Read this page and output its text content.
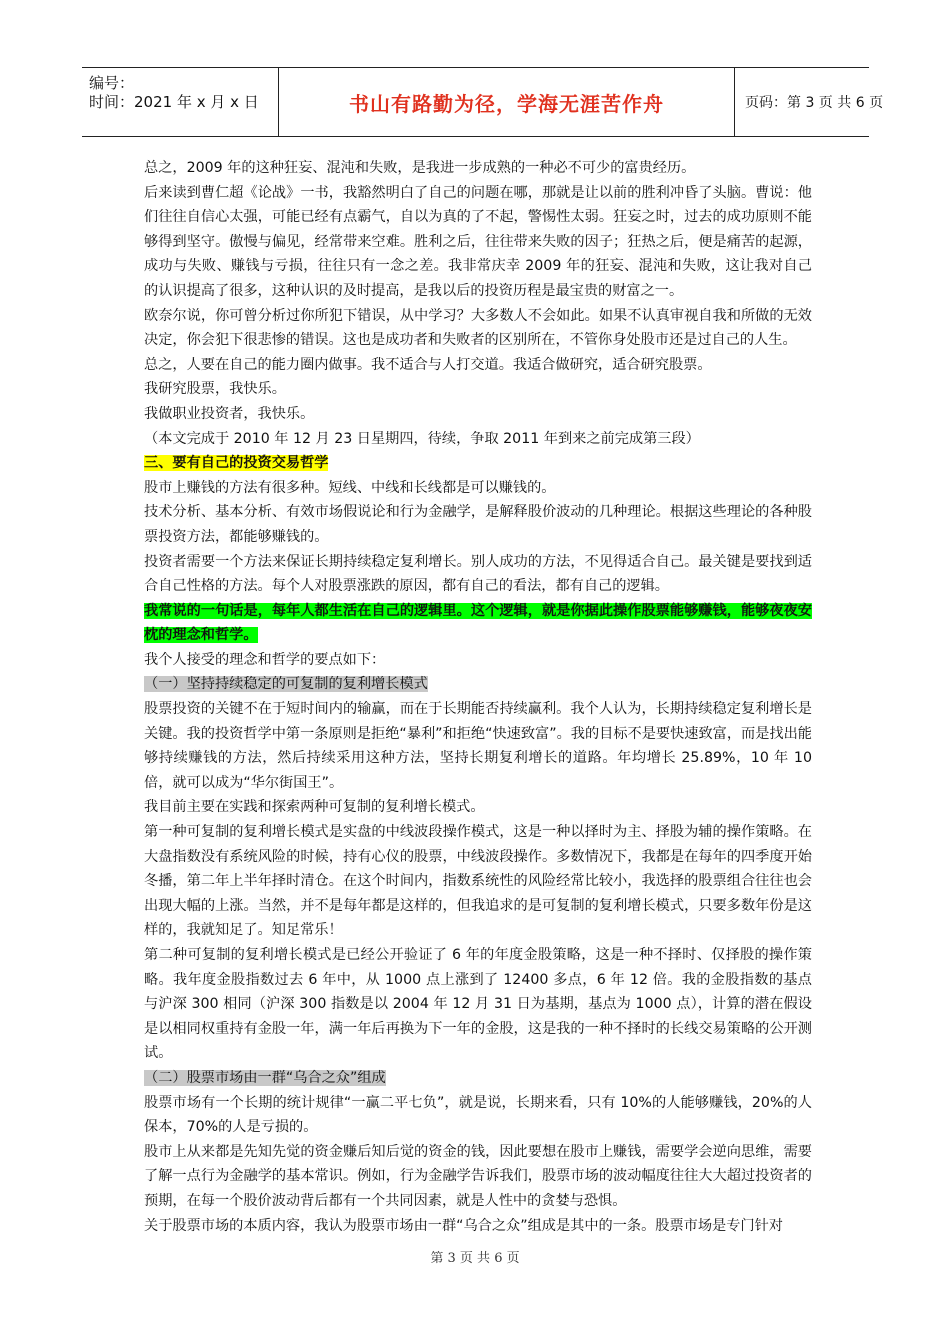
编号：
时间：2021 年 x 月 x 日	书山有路勤为径，学海无涯苦作舟	页码：第 3 页 共 6 页

总之，2009 年的这种狂妄、混沌和失败，是我进一步成熟的一种必不可少的富贵经历。

后来读到曹仁超《论战》一书，我豁然明白了自己的问题在哪，那就是让以前的胜利冲昏了头脑。曹说：他们往往自信心太强，可能已经有点霸气，自以为真的了不起，警惕性太弱。狂妄之时，过去的成功原则不能够得到坚守。傲慢与偏见，经常带来空难。胜利之后，往往带来失败的因子；狂热之后，便是痛苦的起源，成功与失败、赚钱与亏损，往往只有一念之差。我非常庆幸 2009 年的狂妄、混沌和失败，这让我对自己的认识提高了很多，这种认识的及时提高，是我以后的投资历程是最宝贵的财富之一。

欧奈尔说，你可曾分析过你所犯下错误，从中学习？大多数人不会如此。如果不认真审视自我和所做的无效决定，你会犯下很悲惨的错误。这也是成功者和失败者的区别所在，不管你身处股市还是过自己的人生。

总之，人要在自己的能力圈内做事。我不适合与人打交道。我适合做研究，适合研究股票。

我研究股票，我快乐。

我做职业投资者，我快乐。

（本文完成于 2010 年 12 月 23 日星期四，待续，争取 2011 年到来之前完成第三段）

三、要有自己的投资交易哲学

股市上赚钱的方法有很多种。短线、中线和长线都是可以赚钱的。

技术分析、基本分析、有效市场假说论和行为金融学，是解释股价波动的几种理论。根据这些理论的各种股票投资方法，都能够赚钱的。

投资者需要一个方法来保证长期持续稳定复利增长。别人成功的方法，不见得适合自己。最关键是要找到适合自己性格的方法。每个人对股票涨跌的原因，都有自己的看法，都有自己的逻辑。

我常说的一句话是，每年人都生活在自己的逻辑里。这个逻辑，就是你据此操作股票能够赚钱，能够夜夜安枕的理念和哲学。

我个人接受的理念和哲学的要点如下：

（一）坚持持续稳定的可复制的复利增长模式

股票投资的关键不在于短时间内的输赢，而在于长期能否持续赢利。我个人认为，长期持续稳定复利增长是关键。我的投资哲学中第一条原则是拒绝“暴利”和拒绝“快速致富”。我的目标不是要快速致富，而是找出能够持续赚钱的方法，然后持续采用这种方法，坚持长期复利增长的道路。年均增长 25.89%，10 年 10 倍，就可以成为“华尔街国王”。

我目前主要在实践和探索两种可复制的复利增长模式。

第一种可复制的复利增长模式是实盘的中线波段操作模式，这是一种以择时为主、择股为辅的操作策略。在大盘指数没有系统风险的时候，持有心仪的股票，中线波段操作。多数情况下，我都是在每年的四季度开始冬播，第二年上半年择时清仓。在这个时间内，指数系统性的风险经常比较小，我选择的股票组合往往也会出现大幅的上涨。当然，并不是每年都是这样的，但我追求的是可复制的复利增长模式，只要多数年份是这样的，我就知足了。知足常乐！

第二种可复制的复利增长模式是已经公开验证了 6 年的年度金股策略，这是一种不择时、仅择股的操作策略。我年度金股指数过去 6 年中，从 1000 点上涨到了 12400 多点，6 年 12 倍。我的金股指数的基点与沪深 300 相同（沪深 300 指数是以 2004 年 12 月 31 日为基期，基点为 1000 点），计算的潜在假设是以相同权重持有金股一年，满一年后再换为下一年的金股，这是我的一种不择时的长线交易策略的公开测试。

（二）股票市场由一群“乌合之众”组成

股票市场有一个长期的统计规律“一赢二平七负”，就是说，长期来看，只有 10%的人能够赚钱，20%的人保本，70%的人是亏损的。

股市上从来都是先知先觉的资金赚后知后觉的资金的钱，因此要想在股市上赚钱，需要学会逆向思维，需要了解一点行为金融学的基本常识。例如，行为金融学告诉我们，股票市场的波动幅度往往大大超过投资者的预期，在每一个股价波动背后都有一个共同因素，就是人性中的贪婪与恐惧。

关于股票市场的本质内容，我认为股票市场由一群“乌合之众”组成是其中的一条。股票市场是专门针对

第 3 页 共 6 页
